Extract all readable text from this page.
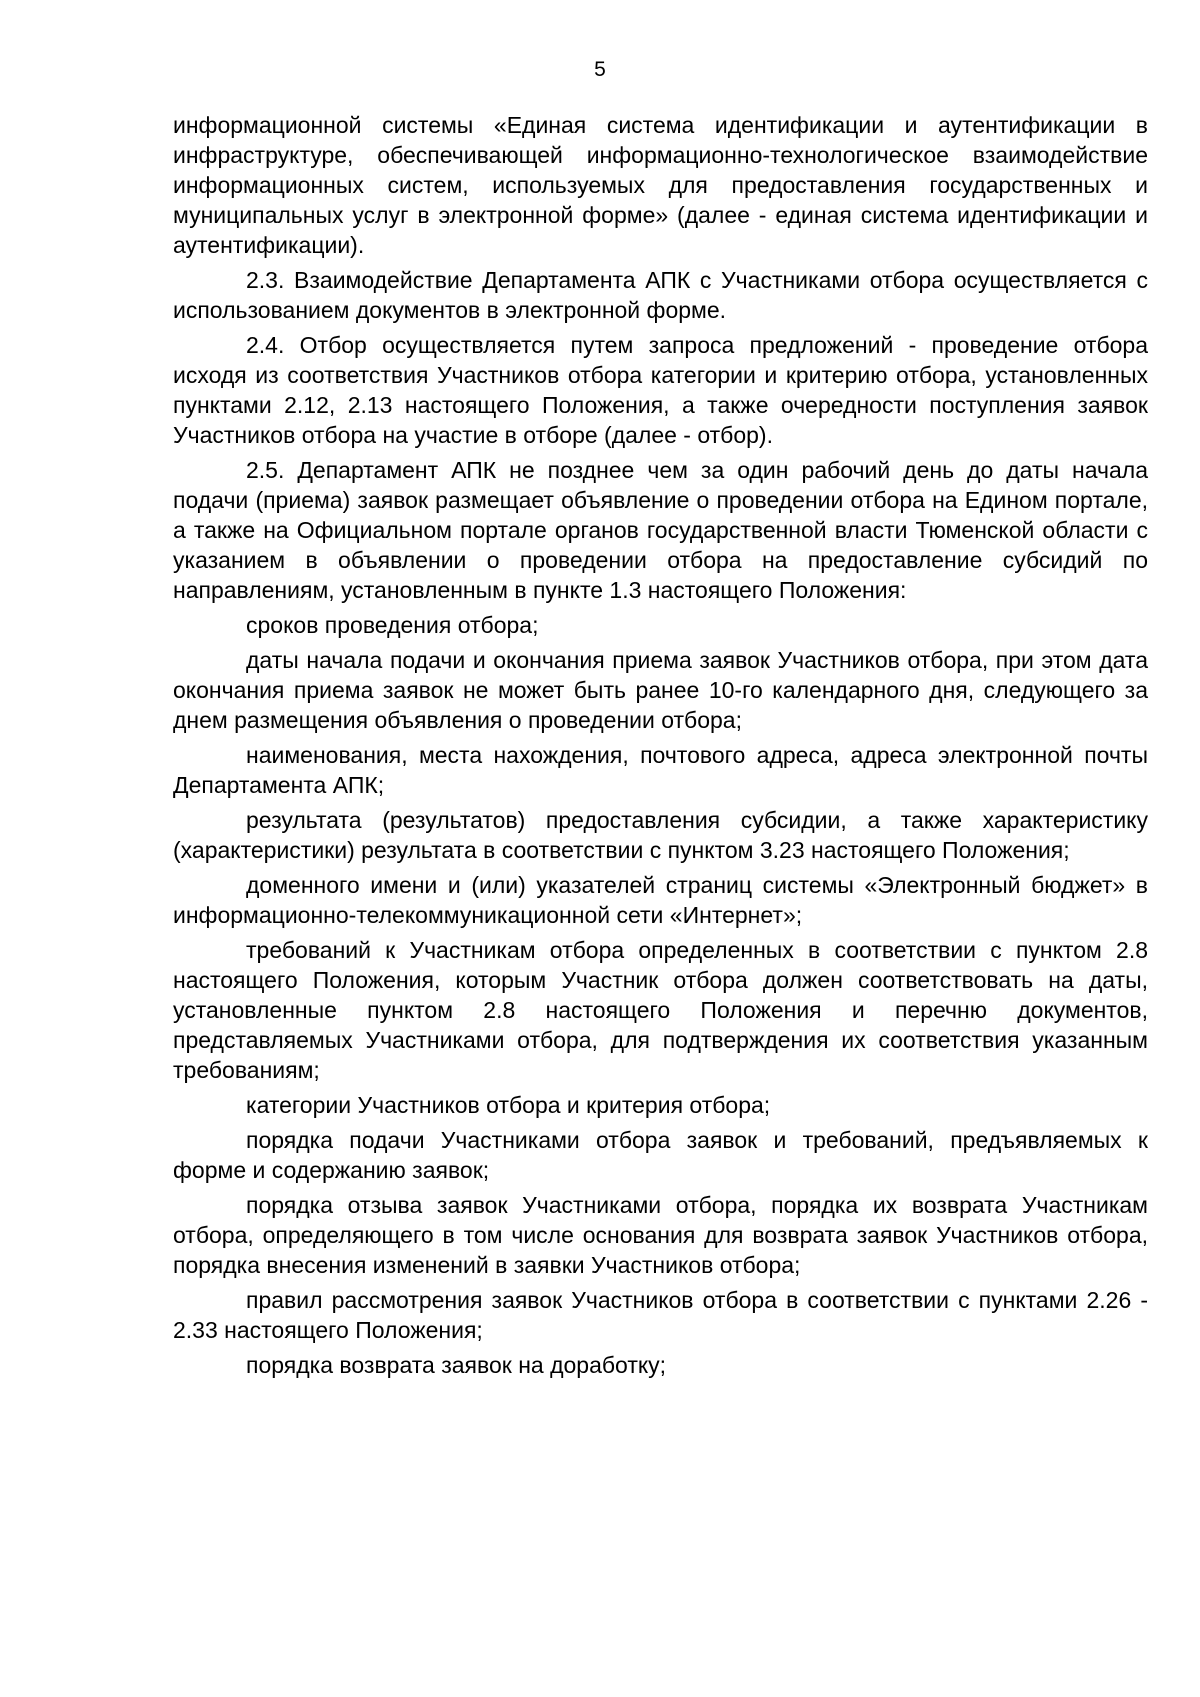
5

информационной системы «Единая система идентификации и аутентификации в инфраструктуре, обеспечивающей информационно-технологическое взаимодействие информационных систем, используемых для предоставления государственных и муниципальных услуг в электронной форме» (далее - единая система идентификации и аутентификации).

2.3. Взаимодействие Департамента АПК с Участниками отбора осуществляется с использованием документов в электронной форме.

2.4. Отбор осуществляется путем запроса предложений - проведение отбора исходя из соответствия Участников отбора категории и критерию отбора, установленных пунктами 2.12, 2.13 настоящего Положения, а также очередности поступления заявок Участников отбора на участие в отборе (далее - отбор).

2.5. Департамент АПК не позднее чем за один рабочий день до даты начала подачи (приема) заявок размещает объявление о проведении отбора на Едином портале, а также на Официальном портале органов государственной власти Тюменской области с указанием в объявлении о проведении отбора на предоставление субсидий по направлениям, установленным в пункте 1.3 настоящего Положения:

сроков проведения отбора;

даты начала подачи и окончания приема заявок Участников отбора, при этом дата окончания приема заявок не может быть ранее 10-го календарного дня, следующего за днем размещения объявления о проведении отбора;

наименования, места нахождения, почтового адреса, адреса электронной почты Департамента АПК;

результата (результатов) предоставления субсидии, а также характеристику (характеристики) результата в соответствии с пунктом 3.23 настоящего Положения;

доменного имени и (или) указателей страниц системы «Электронный бюджет» в информационно-телекоммуникационной сети «Интернет»;

требований к Участникам отбора определенных в соответствии с пунктом 2.8 настоящего Положения, которым Участник отбора должен соответствовать на даты, установленные пунктом 2.8 настоящего Положения и перечню документов, представляемых Участниками отбора, для подтверждения их соответствия указанным требованиям;

категории Участников отбора и критерия отбора;

порядка подачи Участниками отбора заявок и требований, предъявляемых к форме и содержанию заявок;

порядка отзыва заявок Участниками отбора, порядка их возврата Участникам отбора, определяющего в том числе основания для возврата заявок Участников отбора, порядка внесения изменений в заявки Участников отбора;

правил рассмотрения заявок Участников отбора в соответствии с пунктами 2.26 - 2.33 настоящего Положения;

порядка возврата заявок на доработку;
